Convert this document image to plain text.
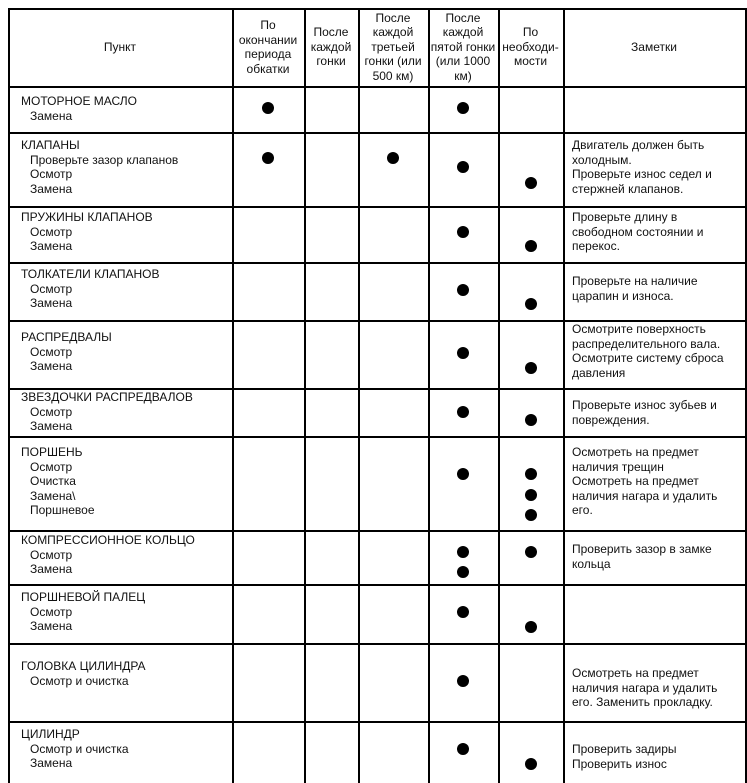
Пункт
По окончании периода обкатки
После каждой гонки
После каждой третьей гонки (или 500 км)
После каждой пятой гонки (или 1000 км)
По необходи-мости
Заметки
МОТОРНОЕ МАСЛО
Замена
КЛАПАНЫ
Проверьте зазор клапанов
Осмотр
Замена
Двигатель должен быть
холодным.
Проверьте износ седел и
стержней клапанов.
ПРУЖИНЫ КЛАПАНОВ
Осмотр
Замена
Проверьте длину в
свободном состоянии и
перекос.
ТОЛКАТЕЛИ КЛАПАНОВ
Осмотр
Замена
Проверьте на наличие
царапин и износа.
РАСПРЕДВАЛЫ
Осмотр
Замена
Осмотрите поверхность
распределительного вала.
Осмотрите систему сброса
давления
ЗВЕЗДОЧКИ РАСПРЕДВАЛОВ
Осмотр
Замена
Проверьте износ зубьев и
повреждения.
ПОРШЕНЬ
Осмотр
Очистка
Замена\
Поршневое
Осмотреть на предмет
наличия трещин
Осмотреть на предмет
наличия нагара и удалить
его.
КОМПРЕССИОННОЕ КОЛЬЦО
Осмотр
Замена
Проверить зазор в замке
кольца
ПОРШНЕВОЙ ПАЛЕЦ
Осмотр
Замена
ГОЛОВКА ЦИЛИНДРА
Осмотр и очистка
Осмотреть на предмет
наличия нагара и удалить
его. Заменить прокладку.
ЦИЛИНДР
Осмотр и очистка
Замена
Проверить задиры
Проверить износ
